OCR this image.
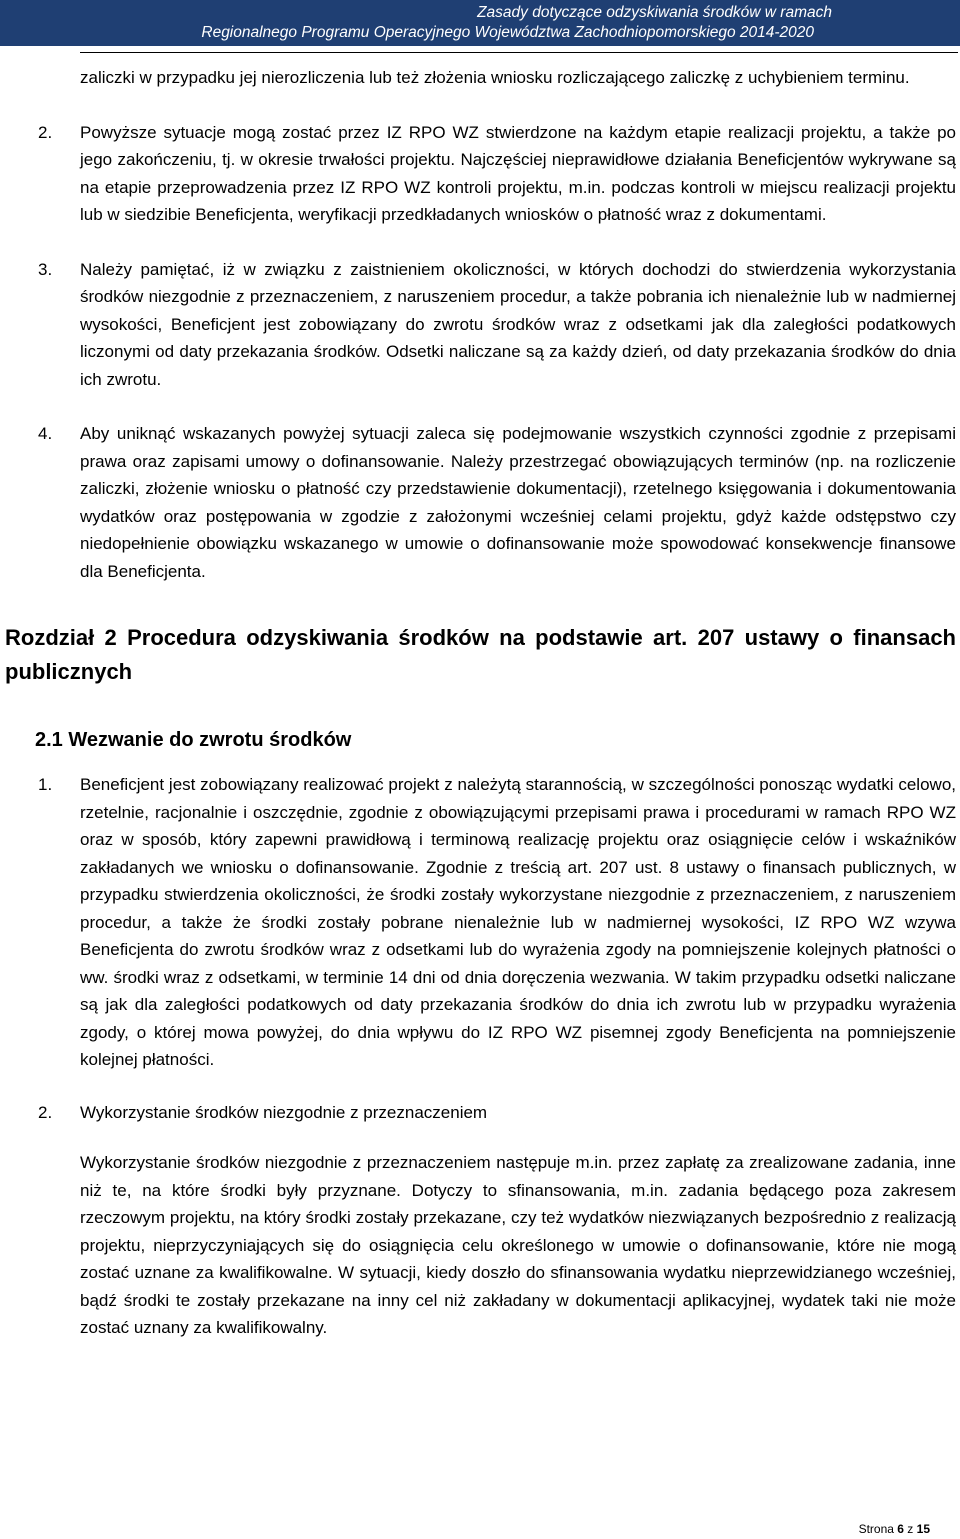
Zasady dotyczące odzyskiwania środków w ramach
Regionalnego Programu Operacyjnego Województwa Zachodniopomorskiego 2014-2020

zaliczki w przypadku jej nierozliczenia lub też złożenia wniosku rozliczającego zaliczkę z uchybieniem terminu.

2. Powyższe sytuacje mogą zostać przez IZ RPO WZ stwierdzone na każdym etapie realizacji projektu, a także po jego zakończeniu, tj. w okresie trwałości projektu. Najczęściej nieprawidłowe działania Beneficjentów wykrywane są na etapie przeprowadzenia przez IZ RPO WZ kontroli projektu, m.in. podczas kontroli w miejscu realizacji projektu lub w siedzibie Beneficjenta, weryfikacji przedkładanych wniosków o płatność wraz z dokumentami.
3. Należy pamiętać, iż w związku z zaistnieniem okoliczności, w których dochodzi do stwierdzenia wykorzystania środków niezgodnie z przeznaczeniem, z naruszeniem procedur, a także pobrania ich nienależnie lub w nadmiernej wysokości, Beneficjent jest zobowiązany do zwrotu środków wraz z odsetkami jak dla zaległości podatkowych liczonymi od daty przekazania środków. Odsetki naliczane są za każdy dzień, od daty przekazania środków do dnia ich zwrotu.
4. Aby uniknąć wskazanych powyżej sytuacji zaleca się podejmowanie wszystkich czynności zgodnie z przepisami prawa oraz zapisami umowy o dofinansowanie. Należy przestrzegać obowiązujących terminów (np. na rozliczenie zaliczki, złożenie wniosku o płatność czy przedstawienie dokumentacji), rzetelnego księgowania i dokumentowania wydatków oraz postępowania w zgodzie z założonymi wcześniej celami projektu, gdyż każde odstępstwo czy niedopełnienie obowiązku wskazanego w umowie o dofinansowanie może spowodować konsekwencje finansowe dla Beneficjenta.
Rozdział 2 Procedura odzyskiwania środków na podstawie art. 207 ustawy o finansach publicznych
2.1 Wezwanie do zwrotu środków
1. Beneficjent jest zobowiązany realizować projekt z należytą starannością, w szczególności ponosząc wydatki celowo, rzetelnie, racjonalnie i oszczędnie, zgodnie z obowiązującymi przepisami prawa i procedurami w ramach RPO WZ oraz w sposób, który zapewni prawidłową i terminową realizację projektu oraz osiągnięcie celów i wskaźników zakładanych we wniosku o dofinansowanie. Zgodnie z treścią art. 207 ust. 8 ustawy o finansach publicznych, w przypadku stwierdzenia okoliczności, że środki zostały wykorzystane niezgodnie z przeznaczeniem, z naruszeniem procedur, a także że środki zostały pobrane nienależnie lub w nadmiernej wysokości, IZ RPO WZ wzywa Beneficjenta do zwrotu środków wraz z odsetkami lub do wyrażenia zgody na pomniejszenie kolejnych płatności o ww. środki wraz z odsetkami, w terminie 14 dni od dnia doręczenia wezwania. W takim przypadku odsetki naliczane są jak dla zaległości podatkowych od daty przekazania środków do dnia ich zwrotu lub w przypadku wyrażenia zgody, o której mowa powyżej, do dnia wpływu do IZ RPO WZ pisemnej zgody Beneficjenta na pomniejszenie kolejnej płatności.
2. Wykorzystanie środków niezgodnie z przeznaczeniem

Wykorzystanie środków niezgodnie z przeznaczeniem następuje m.in. przez zapłatę za zrealizowane zadania, inne niż te, na które środki były przyznane. Dotyczy to sfinansowania, m.in. zadania będącego poza zakresem rzeczowym projektu, na który środki zostały przekazane, czy też wydatków niezwiązanych bezpośrednio z realizacją projektu, nieprzyczyniających się do osiągnięcia celu określonego w umowie o dofinansowanie, które nie mogą zostać uznane za kwalifikowalne. W sytuacji, kiedy doszło do sfinansowania wydatku nieprzewidzianego wcześniej, bądź środki te zostały przekazane na inny cel niż zakładany w dokumentacji aplikacyjnej, wydatek taki nie może zostać uznany za kwalifikowalny.

Strona 6 z 15
